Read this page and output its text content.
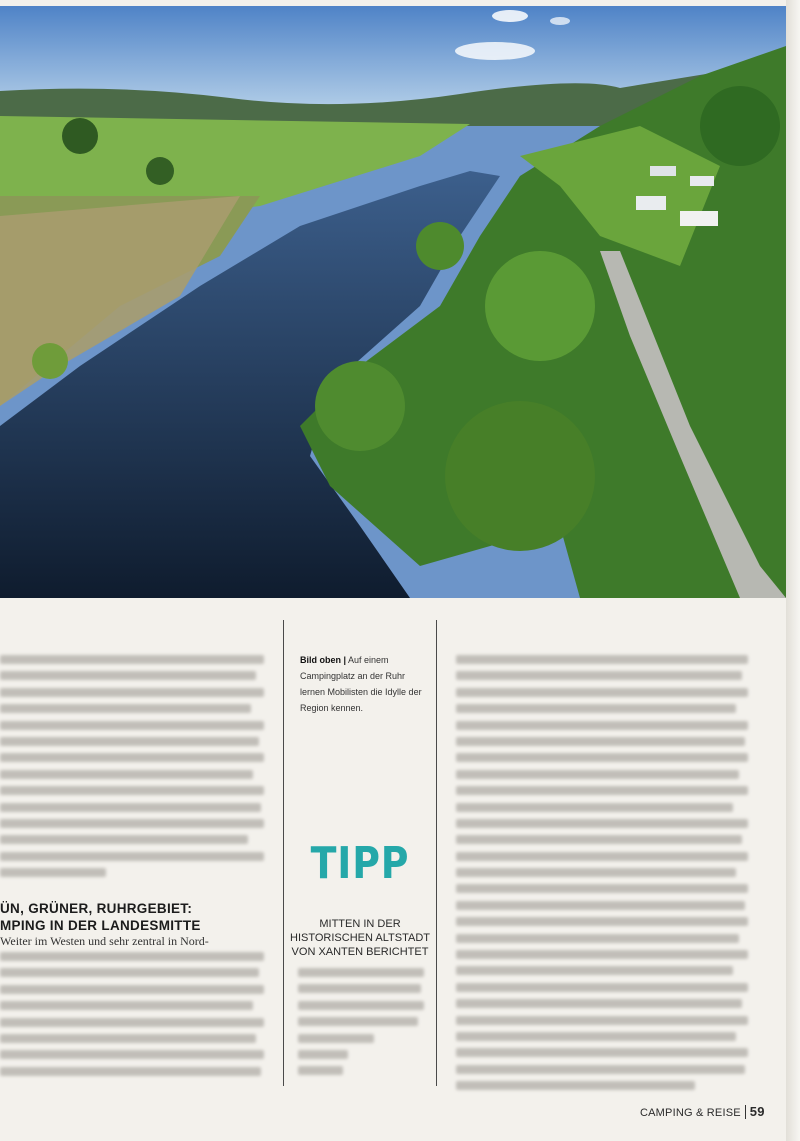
ÜN, GRÜNER, RUHRGEBIET:
MPING IN DER LANDESMITTE
Weiter im Westen und sehr zentral in Nord-
Bild oben | Auf einem Campingplatz an der Ruhr lernen Mobilisten die Idylle der Region kennen.
TIPP
MITTEN IN DER
HISTORISCHEN ALTSTADT
VON XANTEN BERICHTET
CAMPING & REISE 59
